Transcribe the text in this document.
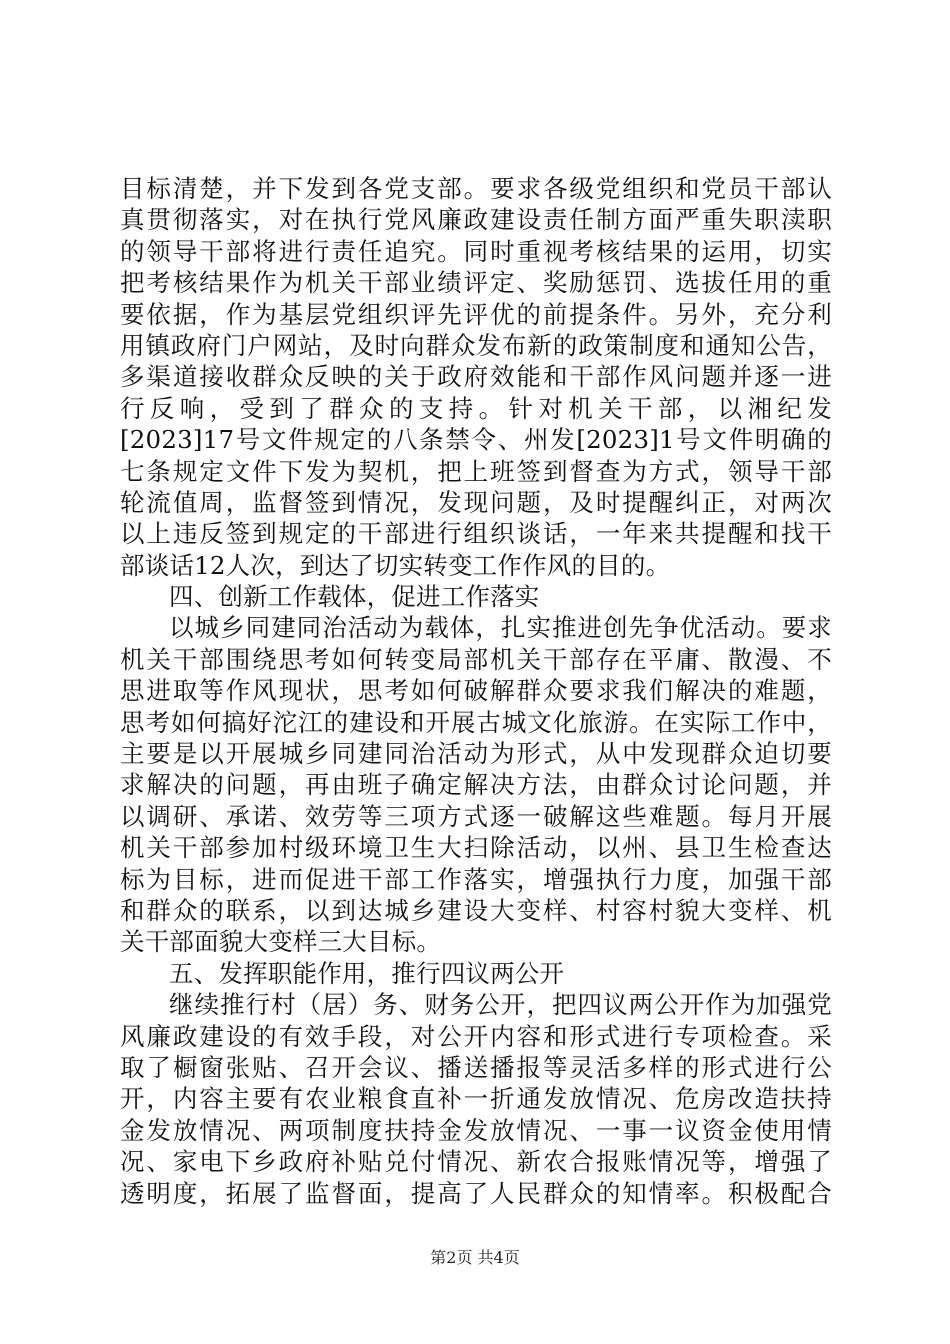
目标清楚，并下发到各党支部。要求各级党组织和党员干部认
真贯彻落实，对在执行党风廉政建设责任制方面严重失职渎职
的领导干部将进行责任追究。同时重视考核结果的运用，切实
把考核结果作为机关干部业绩评定、奖励惩罚、选拔任用的重
要依据，作为基层党组织评先评优的前提条件。另外，充分利
用镇政府门户网站，及时向群众发布新的政策制度和通知公告，
多渠道接收群众反映的关于政府效能和干部作风问题并逐一进
行反响，受到了群众的支持。针对机关干部，以湘纪发
[2023]17号文件规定的八条禁令、州发[2023]1号文件明确的
七条规定文件下发为契机，把上班签到督查为方式，领导干部
轮流值周，监督签到情况，发现问题，及时提醒纠正，对两次
以上违反签到规定的干部进行组织谈话，一年来共提醒和找干
部谈话12人次，到达了切实转变工作作风的目的。
四、创新工作载体，促进工作落实
以城乡同建同治活动为载体，扎实推进创先争优活动。要求
机关干部围绕思考如何转变局部机关干部存在平庸、散漫、不
思进取等作风现状，思考如何破解群众要求我们解决的难题，
思考如何搞好沱江的建设和开展古城文化旅游。在实际工作中，
主要是以开展城乡同建同治活动为形式，从中发现群众迫切要
求解决的问题，再由班子确定解决方法，由群众讨论问题，并
以调研、承诺、效劳等三项方式逐一破解这些难题。每月开展
机关干部参加村级环境卫生大扫除活动，以州、县卫生检查达
标为目标，进而促进干部工作落实，增强执行力度，加强干部
和群众的联系，以到达城乡建设大变样、村容村貌大变样、机
关干部面貌大变样三大目标。
五、发挥职能作用，推行四议两公开
继续推行村（居）务、财务公开，把四议两公开作为加强党
风廉政建设的有效手段，对公开内容和形式进行专项检查。采
取了橱窗张贴、召开会议、播送播报等灵活多样的形式进行公
开，内容主要有农业粮食直补一折通发放情况、危房改造扶持
金发放情况、两项制度扶持金发放情况、一事一议资金使用情
况、家电下乡政府补贴兑付情况、新农合报账情况等，增强了
透明度，拓展了监督面，提高了人民群众的知情率。积极配合
第2页 共4页
